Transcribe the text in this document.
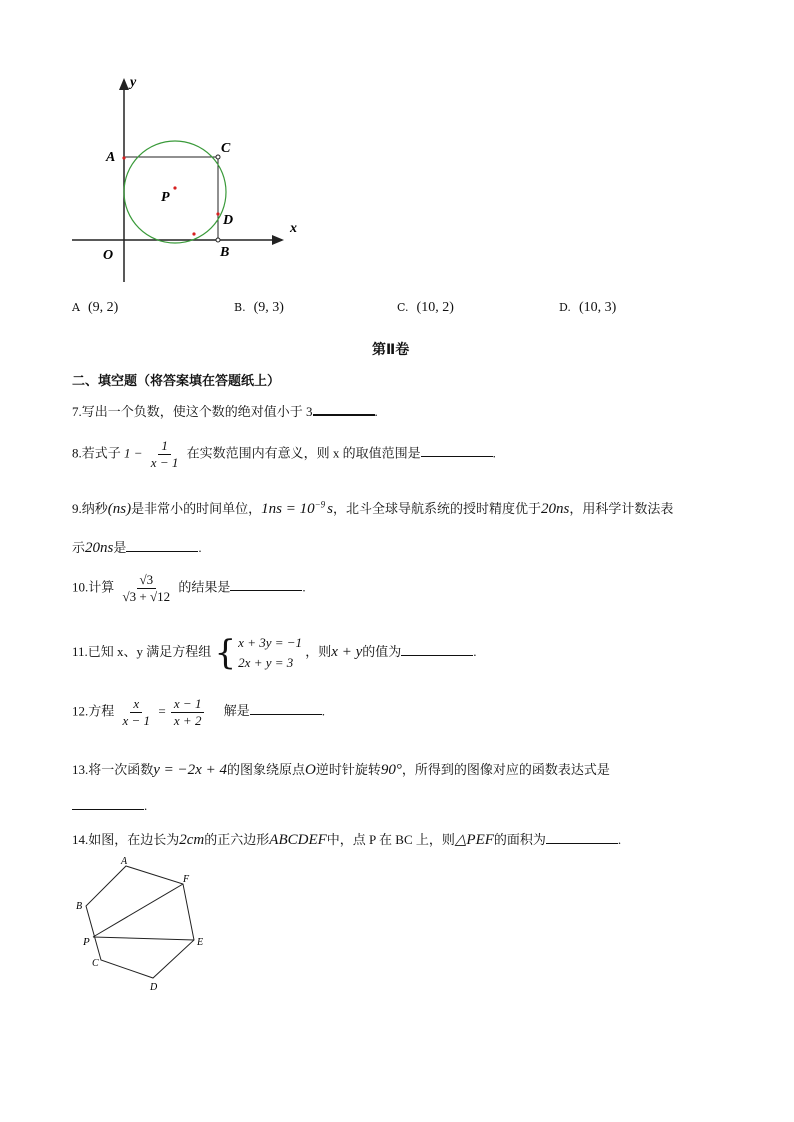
y
x
A
C
P
D
O	B
A (9, 2)	B. (9, 3)	C. (10, 2)	D. (10, 3)
第Ⅱ卷
二、填空题（将答案填在答题纸上）
7.写出一个负数，使这个数的绝对值小于 3	.
8.若式子 $1 - \frac{1}{x - 1}$ 在实数范围内有意义，则 x 的取值范围是	.
9.纳秒(ns)是非常小的时间单位，$1ns = 10^{-9}$ s，北斗全球导航系统的授时精度优于20ns，用科学计数法表
示20ns是	.
10.计算 $\frac{√3}{√3 + √12}$ 的结果是	.
11.已知 x、y 满足方程组 { x + 3y = −1
2x + y = 3
，则x + y的值为	.
12.方程 $\frac{x}{x - 1} = \frac{x - 1}{x + 2}$ 解是	.
13.将一次函数y = −2x + 4的图象绕原点O逆时针旋转90°，所得到的图像对应的函数表达式是
.
14.如图，在边长为2cm的正六边形ABCDEF中，点 P 在 BC 上，则△PEF的面积为	.
A
F
B
P	E
C
D
